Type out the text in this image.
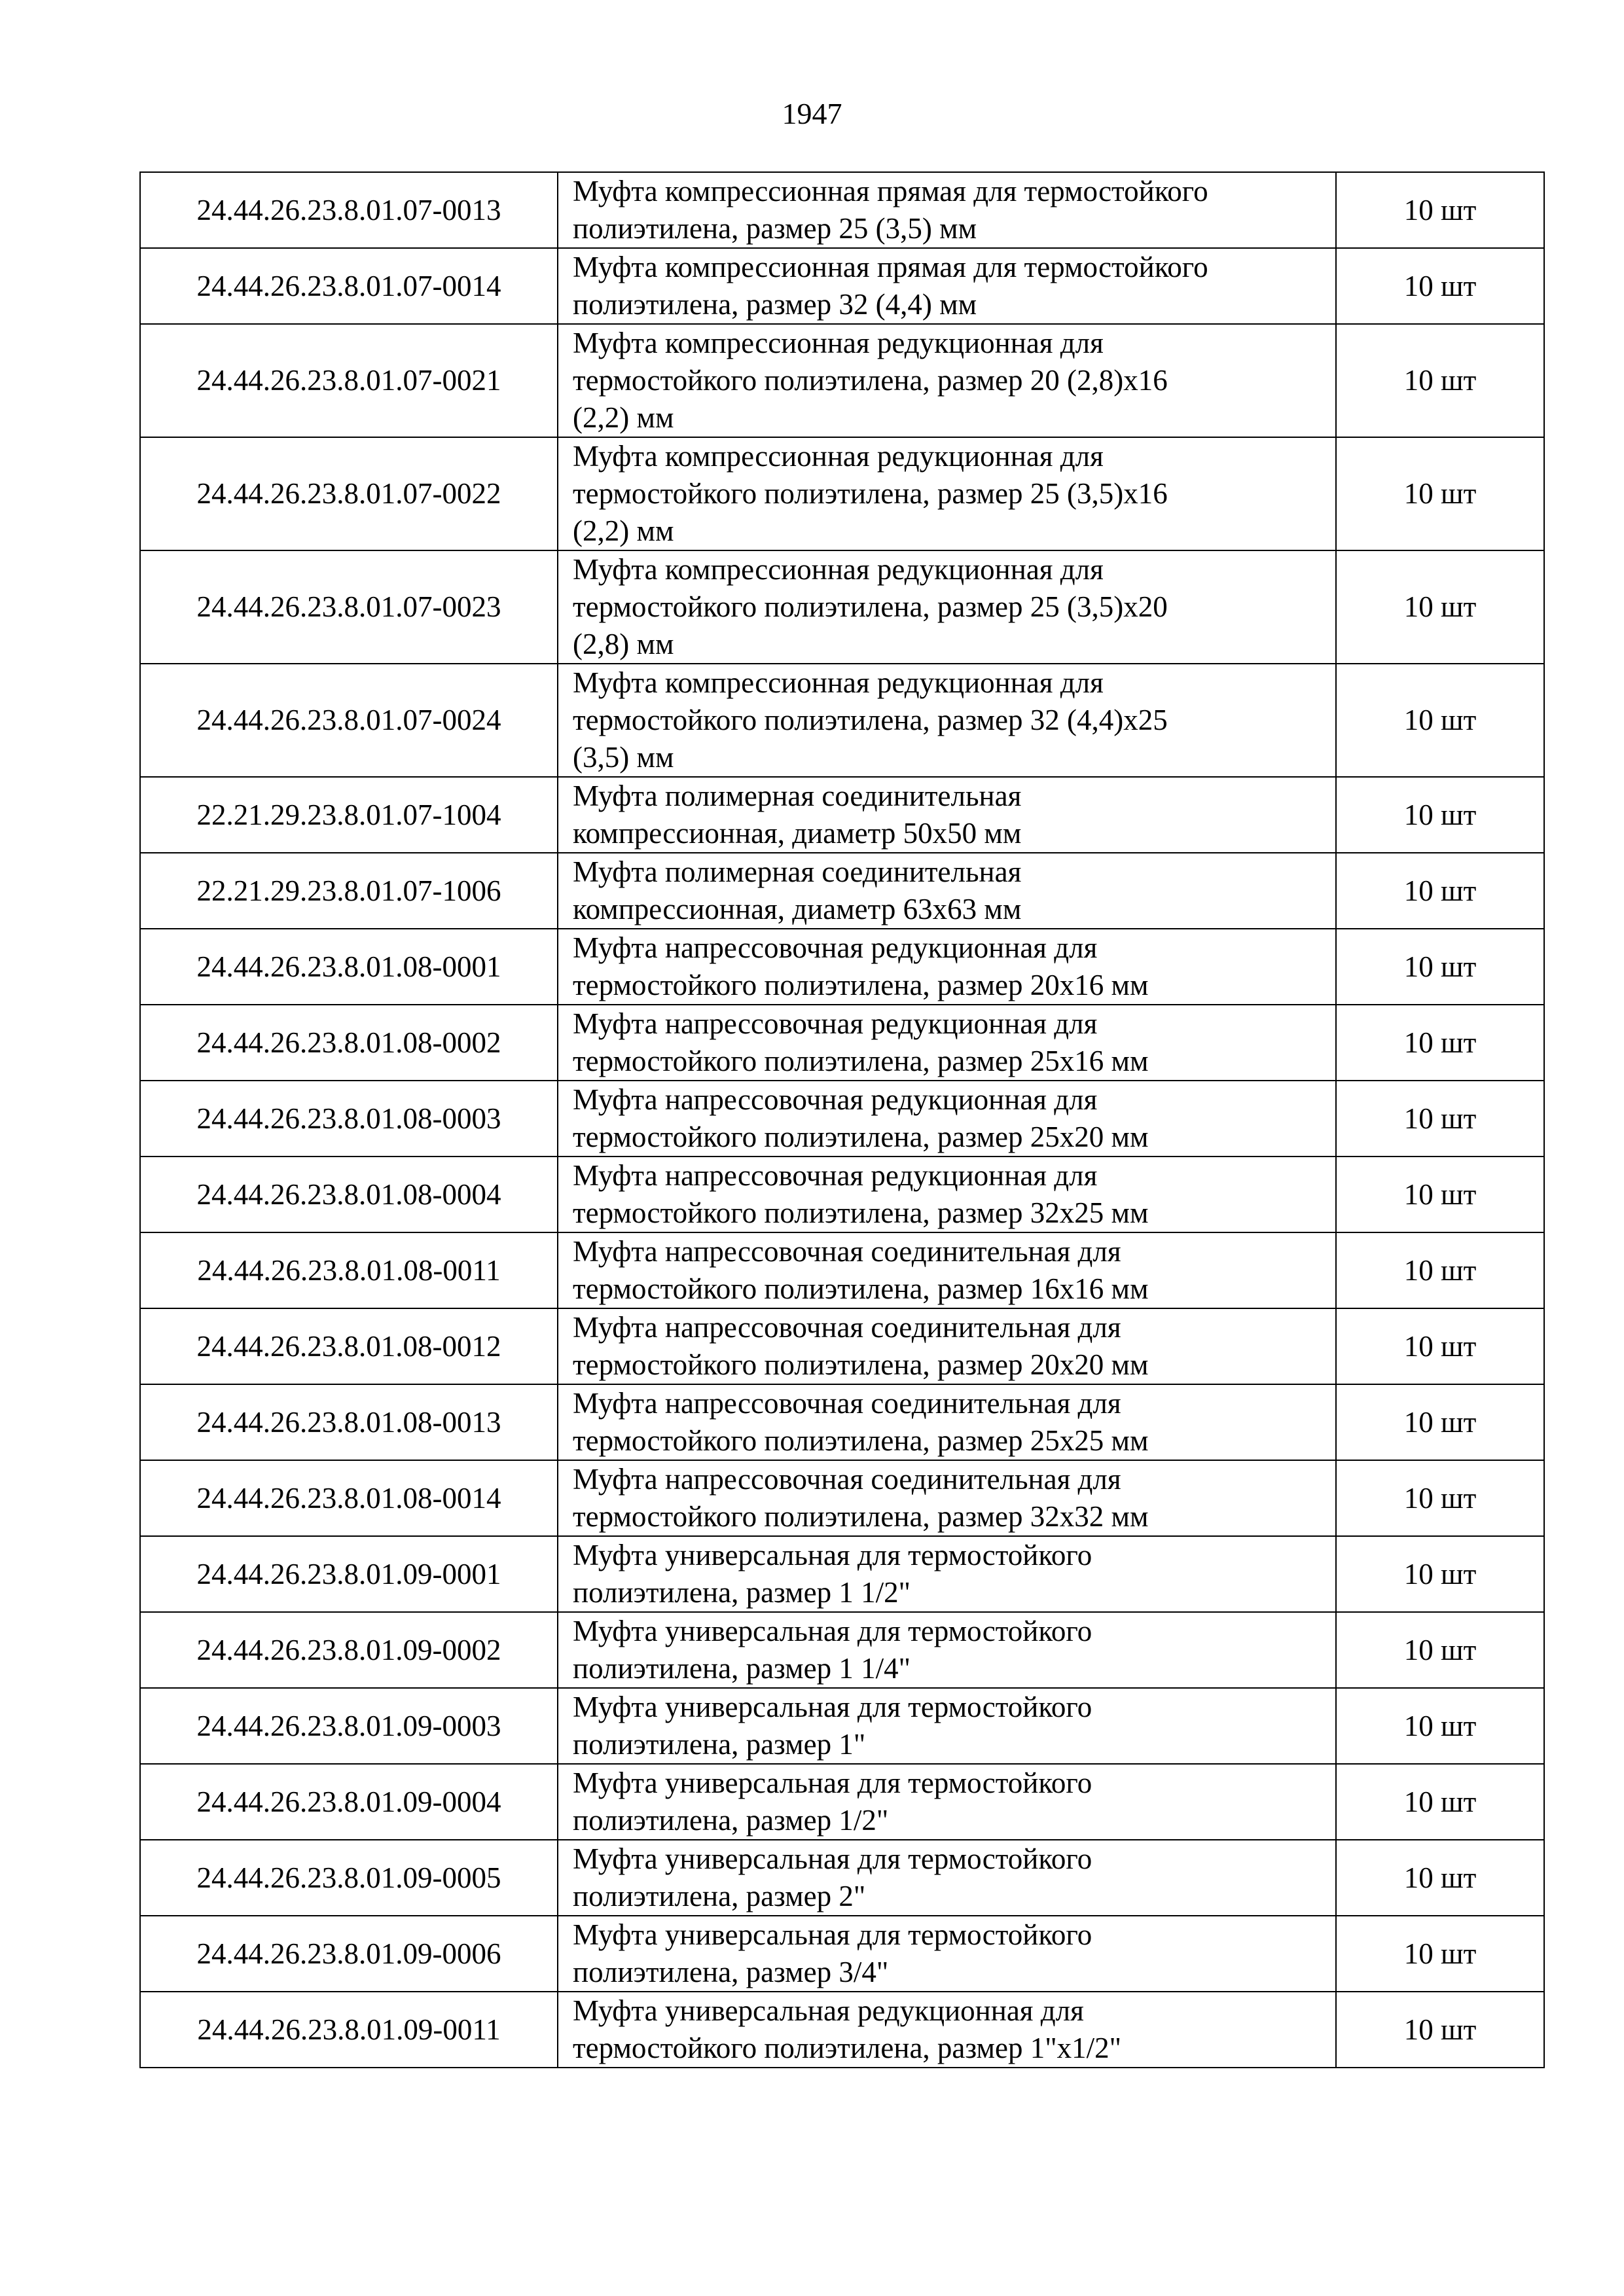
1947
24.44.26.23.8.01.07-0013	Муфта компрессионная прямая для термостойкого
полиэтилена, размер 25 (3,5) мм	10 шт
24.44.26.23.8.01.07-0014	Муфта компрессионная прямая для термостойкого
полиэтилена, размер 32 (4,4) мм	10 шт
24.44.26.23.8.01.07-0021	Муфта компрессионная редукционная для
термостойкого полиэтилена, размер 20 (2,8)х16
(2,2) мм	10 шт
24.44.26.23.8.01.07-0022	Муфта компрессионная редукционная для
термостойкого полиэтилена, размер 25 (3,5)х16
(2,2) мм	10 шт
24.44.26.23.8.01.07-0023	Муфта компрессионная редукционная для
термостойкого полиэтилена, размер 25 (3,5)х20
(2,8) мм	10 шт
24.44.26.23.8.01.07-0024	Муфта компрессионная редукционная для
термостойкого полиэтилена, размер 32 (4,4)х25
(3,5) мм	10 шт
22.21.29.23.8.01.07-1004	Муфта полимерная соединительная
компрессионная, диаметр 50х50 мм	10 шт
22.21.29.23.8.01.07-1006	Муфта полимерная соединительная
компрессионная, диаметр 63х63 мм	10 шт
24.44.26.23.8.01.08-0001	Муфта напрессовочная редукционная для
термостойкого полиэтилена, размер 20х16 мм	10 шт
24.44.26.23.8.01.08-0002	Муфта напрессовочная редукционная для
термостойкого полиэтилена, размер 25х16 мм	10 шт
24.44.26.23.8.01.08-0003	Муфта напрессовочная редукционная для
термостойкого полиэтилена, размер 25х20 мм	10 шт
24.44.26.23.8.01.08-0004	Муфта напрессовочная редукционная для
термостойкого полиэтилена, размер 32х25 мм	10 шт
24.44.26.23.8.01.08-0011	Муфта напрессовочная соединительная для
термостойкого полиэтилена, размер 16х16 мм	10 шт
24.44.26.23.8.01.08-0012	Муфта напрессовочная соединительная для
термостойкого полиэтилена, размер 20х20 мм	10 шт
24.44.26.23.8.01.08-0013	Муфта напрессовочная соединительная для
термостойкого полиэтилена, размер 25х25 мм	10 шт
24.44.26.23.8.01.08-0014	Муфта напрессовочная соединительная для
термостойкого полиэтилена, размер 32х32 мм	10 шт
24.44.26.23.8.01.09-0001	Муфта универсальная для термостойкого
полиэтилена, размер 1 1/2"	10 шт
24.44.26.23.8.01.09-0002	Муфта универсальная для термостойкого
полиэтилена, размер 1 1/4"	10 шт
24.44.26.23.8.01.09-0003	Муфта универсальная для термостойкого
полиэтилена, размер 1"	10 шт
24.44.26.23.8.01.09-0004	Муфта универсальная для термостойкого
полиэтилена, размер 1/2"	10 шт
24.44.26.23.8.01.09-0005	Муфта универсальная для термостойкого
полиэтилена, размер 2"	10 шт
24.44.26.23.8.01.09-0006	Муфта универсальная для термостойкого
полиэтилена, размер 3/4"	10 шт
24.44.26.23.8.01.09-0011	Муфта универсальная редукционная для
термостойкого полиэтилена, размер 1"х1/2"	10 шт
